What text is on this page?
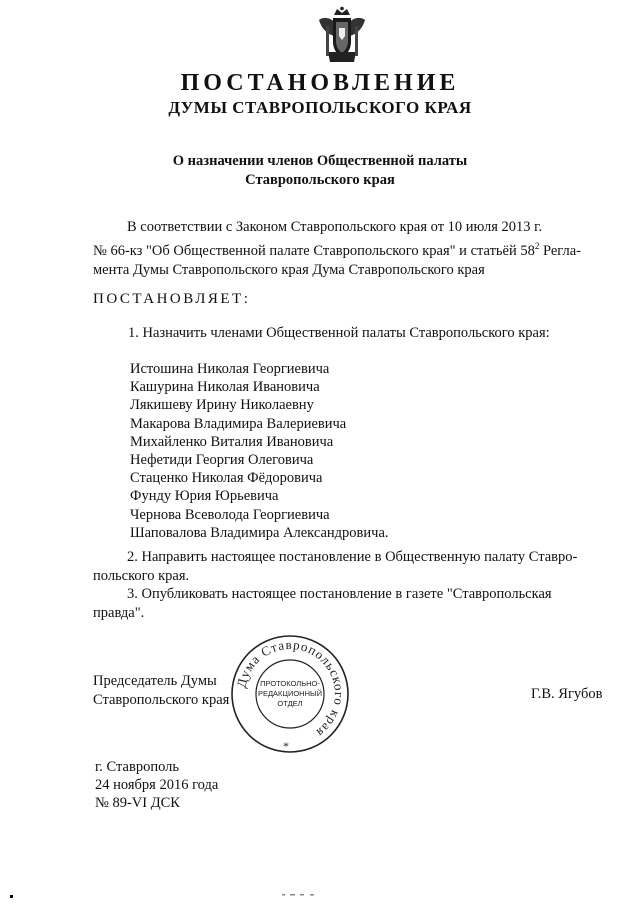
ПОСТАНОВЛЕНИЕ
ДУМЫ СТАВРОПОЛЬСКОГО КРАЯ
О назначении членов Общественной палаты
Ставропольского края
В соответствии с Законом Ставропольского края от 10 июля 2013 г.
№ 66-кз "Об Общественной палате Ставропольского края" и статьёй $58^2$ Регла-
мента Думы Ставропольского края Дума Ставропольского края
ПОСТАНОВЛЯЕТ:
1. Назначить членами Общественной палаты Ставропольского края:
Истошина Николая Георгиевича
Кашурина Николая Ивановича
Лякишеву Ирину Николаевну
Макарова Владимира Валериевича
Михайленко Виталия Ивановича
Нефетиди Георгия Олеговича
Стаценко Николая Фёдоровича
Фунду Юрия Юрьевича
Чернова Всеволода Георгиевича
Шаповалова Владимира Александровича.

2. Направить настоящее постановление в Общественную палату Ставро-
польского края.

3. Опубликовать настоящее постановление в газете "Ставропольская
правда".

Председатель Думы
Ставропольского края	Г.В. Ягубов
Дума Ставропольского края
ПРОТОКОЛЬНО-
РЕДАКЦИОННЫЙ
ОТДЕЛ
*
г. Ставрополь
24 ноября 2016 года
№ 89-VI ДСК
